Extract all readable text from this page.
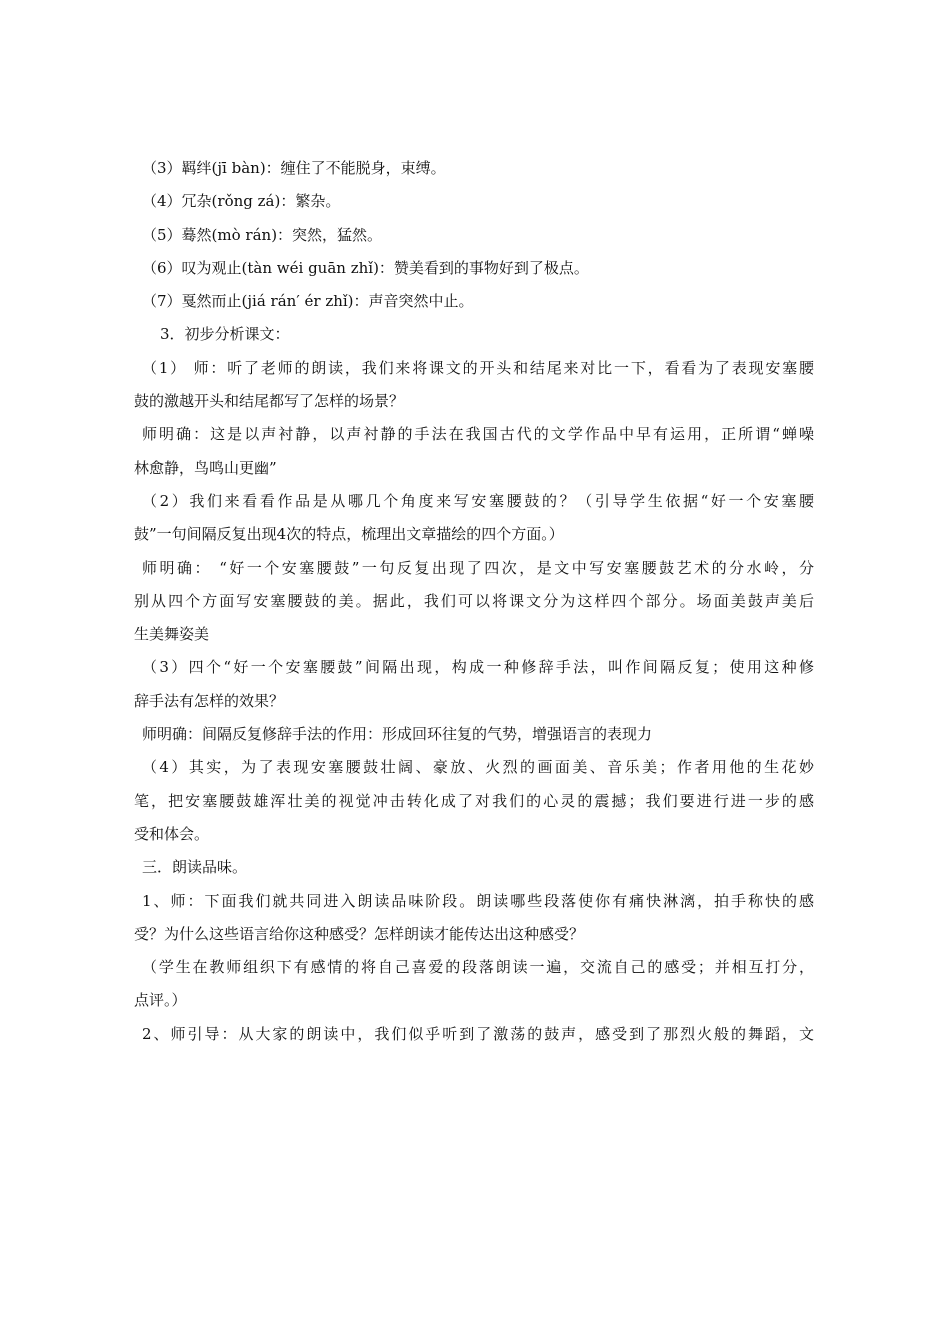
（3）羁绊(jī bàn)：缠住了不能脱身，束缚。
（4）冗杂(rǒng zá)：繁杂。
（5）蓦然(mò rán)：突然，猛然。
（6）叹为观止(tàn wéi guān zhǐ)：赞美看到的事物好到了极点。
（7）戛然而止(jiá rán′ ér zhǐ)：声音突然中止。
3．初步分析课文：
（1） 师：听了老师的朗读，我们来将课文的开头和结尾来对比一下，看看为了表现安塞腰
鼓的激越开头和结尾都写了怎样的场景？
师明确：这是以声衬静，以声衬静的手法在我国古代的文学作品中早有运用，正所谓“蝉噪
林愈静，鸟鸣山更幽”
（2）我们来看看作品是从哪几个角度来写安塞腰鼓的？（引导学生依据“好一个安塞腰
鼓”一句间隔反复出现4次的特点，梳理出文章描绘的四个方面。）
师明确： “好一个安塞腰鼓”一句反复出现了四次，是文中写安塞腰鼓艺术的分水岭，分
别从四个方面写安塞腰鼓的美。据此，我们可以将课文分为这样四个部分。场面美鼓声美后
生美舞姿美
（3）四个“好一个安塞腰鼓”间隔出现，构成一种修辞手法，叫作间隔反复；使用这种修
辞手法有怎样的效果？
师明确：间隔反复修辞手法的作用：形成回环往复的气势，增强语言的表现力
（4）其实，为了表现安塞腰鼓壮阔、豪放、火烈的画面美、音乐美；作者用他的生花妙
笔，把安塞腰鼓雄浑壮美的视觉冲击转化成了对我们的心灵的震撼；我们要进行进一步的感
受和体会。
三．朗读品味。
1、师：下面我们就共同进入朗读品味阶段。朗读哪些段落使你有痛快淋漓，拍手称快的感
受？为什么这些语言给你这种感受？怎样朗读才能传达出这种感受？
（学生在教师组织下有感情的将自己喜爱的段落朗读一遍，交流自己的感受；并相互打分，
点评。）
2、师引导：从大家的朗读中，我们似乎听到了激荡的鼓声，感受到了那烈火般的舞蹈，文
